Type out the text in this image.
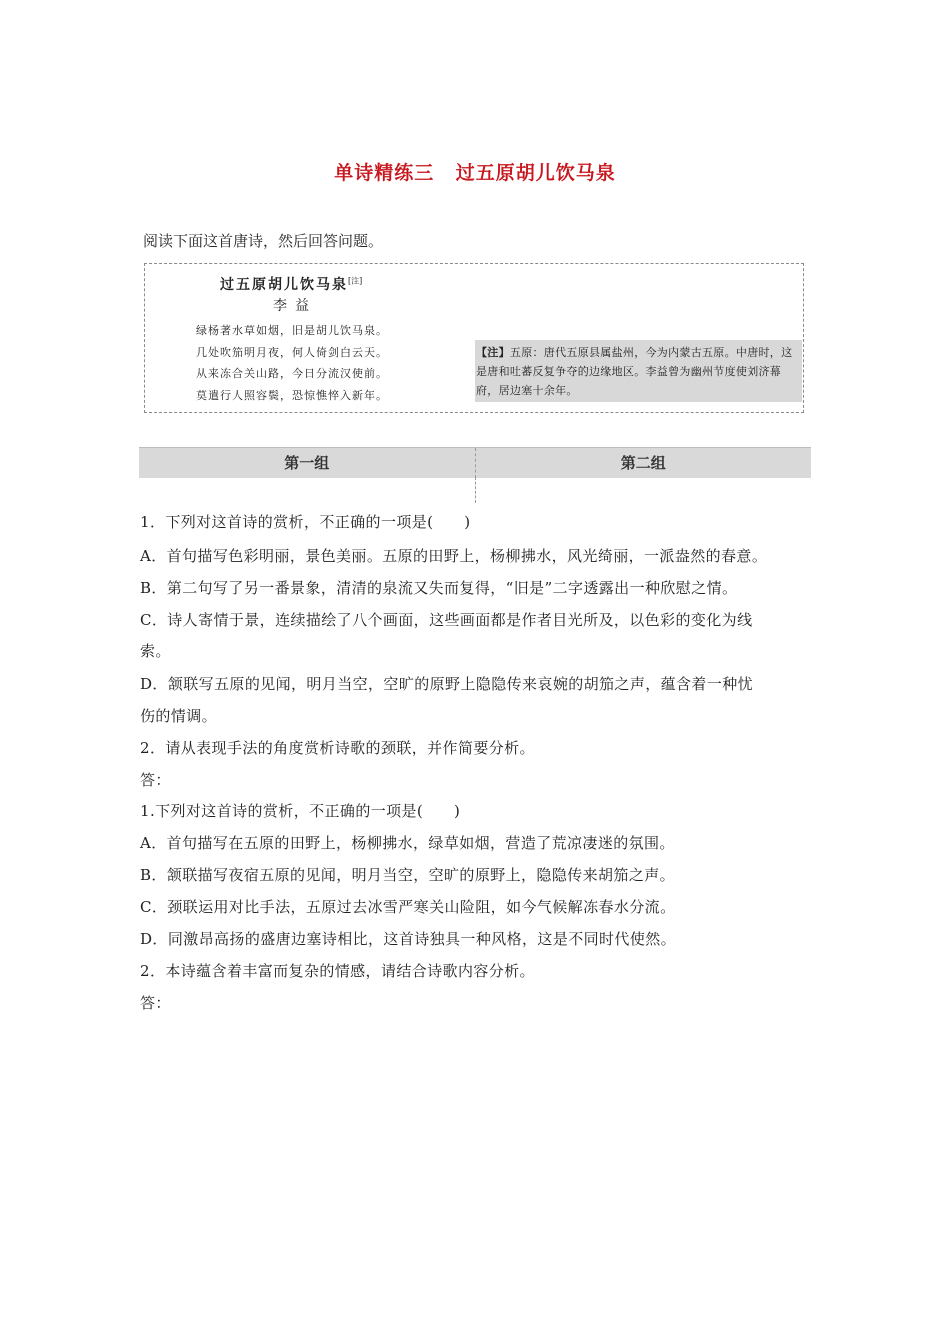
单诗精练三 过五原胡儿饮马泉
阅读下面这首唐诗，然后回答问题。
过五原胡儿饮马泉[注]
李益
绿杨著水草如烟，旧是胡儿饮马泉。
几处吹笳明月夜，何人倚剑白云天。
从来冻合关山路，今日分流汉使前。
莫遣行人照容鬓，恐惊憔悴入新年。
【注】五原：唐代五原县属盐州，今为内蒙古五原。中唐时，这是唐和吐蕃反复争夺的边缘地区。李益曾为幽州节度使刘济幕府，居边塞十余年。
第一组	第二组
1．下列对这首诗的赏析，不正确的一项是(　　)
A．首句描写色彩明丽，景色美丽。五原的田野上，杨柳拂水，风光绮丽，一派盎然的春意。
B．第二句写了另一番景象，清清的泉流又失而复得，“旧是”二字透露出一种欣慰之情。
C．诗人寄情于景，连续描绘了八个画面，这些画面都是作者目光所及，以色彩的变化为线
索。
D．颔联写五原的见闻，明月当空，空旷的原野上隐隐传来哀婉的胡笳之声，蕴含着一种忧
伤的情调。
2．请从表现手法的角度赏析诗歌的颈联，并作简要分析。
答：
1.下列对这首诗的赏析，不正确的一项是(　　)
A．首句描写在五原的田野上，杨柳拂水，绿草如烟，营造了荒凉凄迷的氛围。
B．颔联描写夜宿五原的见闻，明月当空，空旷的原野上，隐隐传来胡笳之声。
C．颈联运用对比手法，五原过去冰雪严寒关山险阻，如今气候解冻春水分流。
D．同激昂高扬的盛唐边塞诗相比，这首诗独具一种风格，这是不同时代使然。
2．本诗蕴含着丰富而复杂的情感，请结合诗歌内容分析。
答：
